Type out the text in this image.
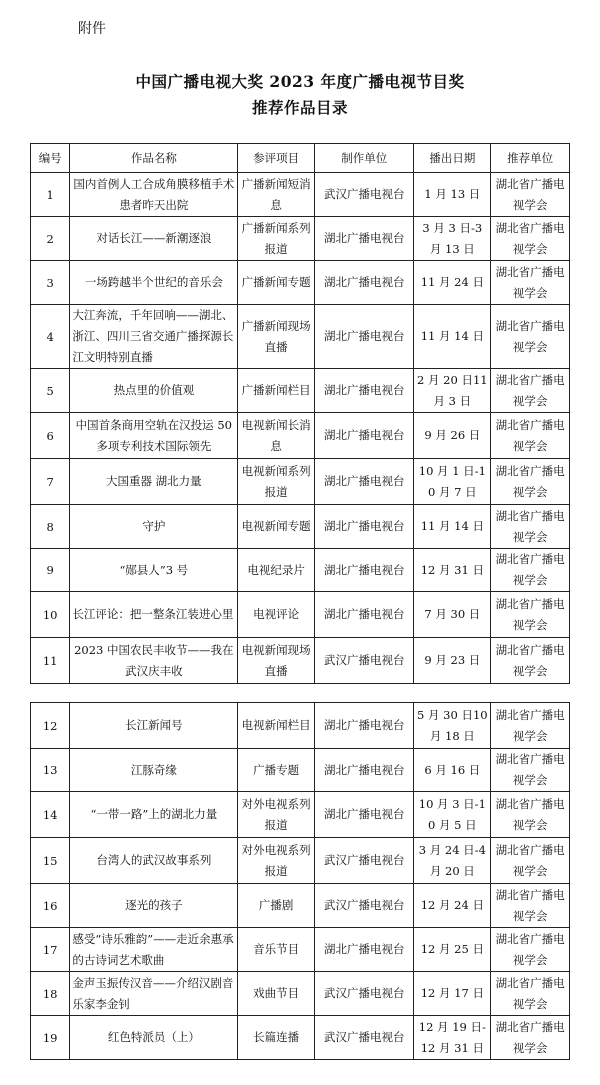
附件
中国广播电视大奖 2023 年度广播电视节目奖
推荐作品目录
编号	作品名称	参评项目	制作单位	播出日期	推荐单位
1	国内首例人工合成角膜移植手术患者昨天出院	广播新闻短消息	武汉广播电视台	1 月 13 日	湖北省广播电视学会
2	对话长江——新潮逐浪	广播新闻系列报道	湖北广播电视台	3 月 3 日-3 月 13 日	湖北省广播电视学会
3	一场跨越半个世纪的音乐会	广播新闻专题	湖北广播电视台	11 月 24 日	湖北省广播电视学会
4	大江奔流，千年回响——湖北、浙江、四川三省交通广播探源长江文明特别直播	广播新闻现场直播	湖北广播电视台	11 月 14 日	湖北省广播电视学会
5	热点里的价值观	广播新闻栏目	湖北广播电视台	2 月 20 日11 月 3 日	湖北省广播电视学会
6	中国首条商用空轨在汉投运 50 多项专利技术国际领先	电视新闻长消息	湖北广播电视台	9 月 26 日	湖北省广播电视学会
7	大国重器 湖北力量	电视新闻系列报道	湖北广播电视台	10 月 1 日-10 月 7 日	湖北省广播电视学会
8	守护	电视新闻专题	湖北广播电视台	11 月 14 日	湖北省广播电视学会
9	“郧县人”3 号	电视纪录片	湖北广播电视台	12 月 31 日	湖北省广播电视学会
10	长江评论：把一整条江装进心里	电视评论	湖北广播电视台	7 月 30 日	湖北省广播电视学会
11	2023 中国农民丰收节——我在武汉庆丰收	电视新闻现场直播	武汉广播电视台	9 月 23 日	湖北省广播电视学会
12	长江新闻号	电视新闻栏目	湖北广播电视台	5 月 30 日10 月 18 日	湖北省广播电视学会
13	江豚奇缘	广播专题	湖北广播电视台	6 月 16 日	湖北省广播电视学会
14	“一带一路”上的湖北力量	对外电视系列报道	湖北广播电视台	10 月 3 日-10 月 5 日	湖北省广播电视学会
15	台湾人的武汉故事系列	对外电视系列报道	武汉广播电视台	3 月 24 日-4 月 20 日	湖北省广播电视学会
16	逐光的孩子	广播剧	武汉广播电视台	12 月 24 日	湖北省广播电视学会
17	感受“诗乐雅韵”——走近余惠承的古诗词艺术歌曲	音乐节目	湖北广播电视台	12 月 25 日	湖北省广播电视学会
18	金声玉振传汉音——介绍汉剧音乐家李金钊	戏曲节目	武汉广播电视台	12 月 17 日	湖北省广播电视学会
19	红色特派员（上）	长篇连播	武汉广播电视台	12 月 19 日-12 月 31 日	湖北省广播电视学会
